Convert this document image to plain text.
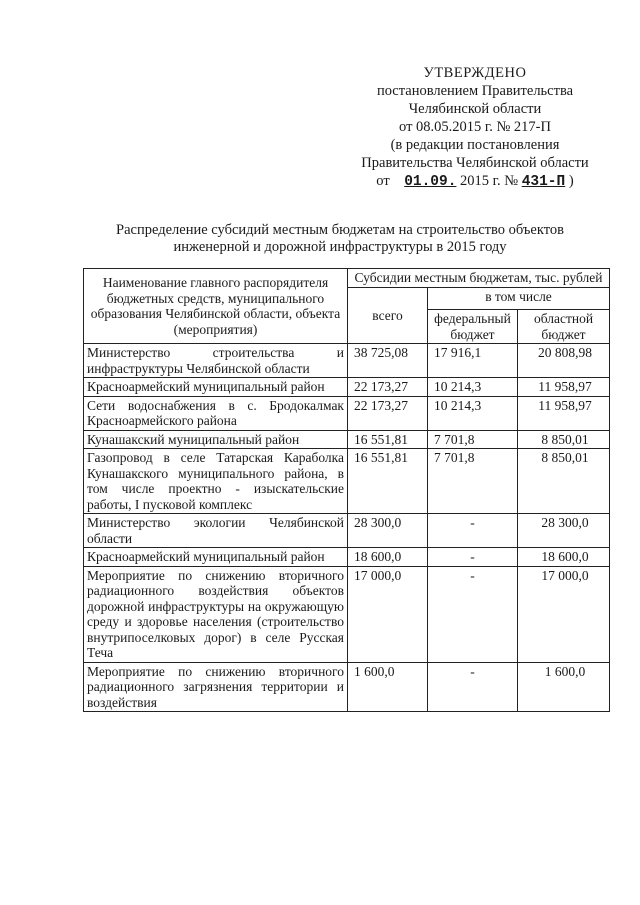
УТВЕРЖДЕНО
постановлением Правительства
Челябинской области
от 08.05.2015 г. № 217-П
(в редакции постановления
Правительства Челябинской области
от 01.09. 2015 г. № 431-П )
Распределение субсидий местным бюджетам на строительство объектов
инженерной и дорожной инфраструктуры в 2015 году
Наименование главного распорядителя бюджетных средств, муниципального образования Челябинской области, объекта (мероприятия)	Субсидии местным бюджетам, тыс. рублей		
	всего	в том числе	
		федеральный бюджет	областной бюджет
Министерство строительства и инфраструктуры Челябинской области	38 725,08	17 916,1	20 808,98
Красноармейский муниципальный район	22 173,27	10 214,3	11 958,97
Сети водоснабжения в с. Бродокалмак Красноармейского района	22 173,27	10 214,3	11 958,97
Кунашакский муниципальный район	16 551,81	7 701,8	8 850,01
Газопровод в селе Татарская Караболка Кунашакского муниципального района, в том числе проектно - изыскательские работы, I пусковой комплекс	16 551,81	7 701,8	8 850,01
Министерство экологии Челябинской области	28 300,0	-	28 300,0
Красноармейский муниципальный район	18 600,0	-	18 600,0
Мероприятие по снижению вторичного радиационного воздействия объектов дорожной инфраструктуры на окружающую среду и здоровье населения (строительство внутрипоселковых дорог) в селе Русская Теча	17 000,0	-	17 000,0
Мероприятие по снижению вторичного радиационного загрязнения территории и воздействия	1 600,0	-	1 600,0
